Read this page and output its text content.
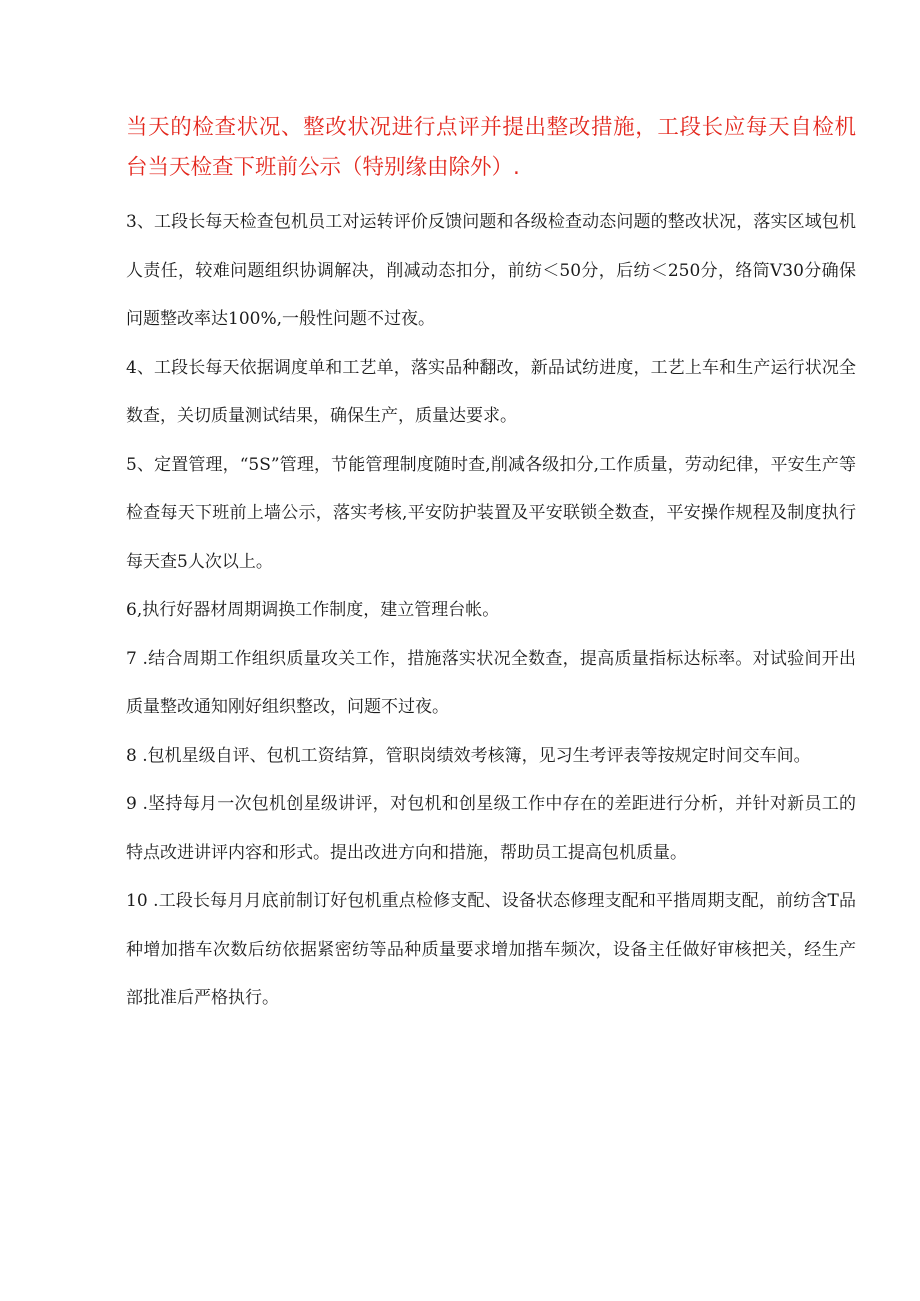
当天的检查状况、整改状况进行点评并提出整改措施，工段长应每天自检机台当天检查下班前公示（特别缘由除外）.

3、工段长每天检查包机员工对运转评价反馈问题和各级检查动态问题的整改状况，落实区域包机人责任，较难问题组织协调解决，削减动态扣分，前纺＜50分，后纺＜250分，络筒V30分确保问题整改率达100%,一般性问题不过夜。

4、工段长每天依据调度单和工艺单，落实品种翻改，新品试纺进度，工艺上车和生产运行状况全数查，关切质量测试结果，确保生产，质量达要求。

5、定置管理，“5S”管理，节能管理制度随时查,削减各级扣分,工作质量，劳动纪律，平安生产等检查每天下班前上墙公示，落实考核,平安防护装置及平安联锁全数查，平安操作规程及制度执行每天查5人次以上。

6,执行好器材周期调换工作制度，建立管理台帐。

7 .结合周期工作组织质量攻关工作，措施落实状况全数查，提高质量指标达标率。对试验间开出质量整改通知刚好组织整改，问题不过夜。

8 .包机星级自评、包机工资结算，管职岗绩效考核簿，见习生考评表等按规定时间交车间。

9 .坚持每月一次包机创星级讲评，对包机和创星级工作中存在的差距进行分析，并针对新员工的特点改进讲评内容和形式。提出改进方向和措施，帮助员工提高包机质量。

10 .工段长每月月底前制订好包机重点检修支配、设备状态修理支配和平揩周期支配，前纺含T品种增加揩车次数后纺依据紧密纺等品种质量要求增加揩车频次，设备主任做好审核把关，经生产部批准后严格执行。
